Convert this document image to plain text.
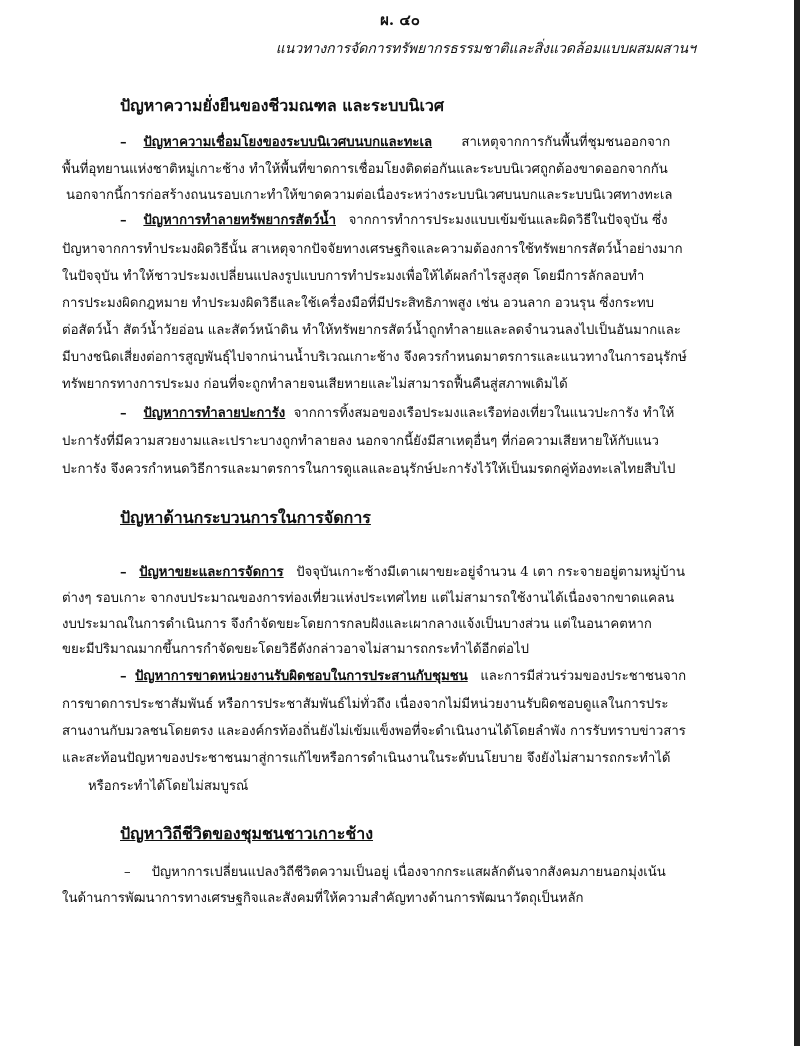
ผ. ๔๐
แนวทางการจัดการทรัพยากรธรรมชาติและสิ่งแวดล้อมแบบผสมผสานฯ
ปัญหาความยั่งยืนของชีวมณฑล และระบบนิเวศ
– ปัญหาความเชื่อมโยงของระบบนิเวศบนบกและทะเล สาเหตุจากการกันพื้นที่ชุมชนออกจาก
พื้นที่อุทยานแห่งชาติหมู่เกาะช้าง ทำให้พื้นที่ขาดการเชื่อมโยงติดต่อกันและระบบนิเวศถูกต้องขาดออกจากกัน
นอกจากนี้การก่อสร้างถนนรอบเกาะทำให้ขาดความต่อเนื่องระหว่างระบบนิเวศบนบกและระบบนิเวศทางทะเล
– ปัญหาการทำลายทรัพยากรสัตว์น้ำ จากการทำการประมงแบบเข้มข้นและผิดวิธีในปัจจุบัน ซึ่ง
ปัญหาจากการทำประมงผิดวิธีนั้น สาเหตุจากปัจจัยทางเศรษฐกิจและความต้องการใช้ทรัพยากรสัตว์น้ำอย่างมาก
ในปัจจุบัน ทำให้ชาวประมงเปลี่ยนแปลงรูปแบบการทำประมงเพื่อให้ได้ผลกำไรสูงสุด โดยมีการลักลอบทำ
การประมงผิดกฎหมาย ทำประมงผิดวิธีและใช้เครื่องมือที่มีประสิทธิภาพสูง เช่น อวนลาก อวนรุน ซึ่งกระทบ
ต่อสัตว์น้ำ สัตว์น้ำวัยอ่อน และสัตว์หน้าดิน ทำให้ทรัพยากรสัตว์น้ำถูกทำลายและลดจำนวนลงไปเป็นอันมากและ
มีบางชนิดเสี่ยงต่อการสูญพันธุ์ไปจากน่านน้ำบริเวณเกาะช้าง จึงควรกำหนดมาตรการและแนวทางในการอนุรักษ์
ทรัพยากรทางการประมง ก่อนที่จะถูกทำลายจนเสียหายและไม่สามารถฟื้นคืนสู่สภาพเดิมได้
– ปัญหาการทำลายปะการัง จากการทิ้งสมอของเรือประมงและเรือท่องเที่ยวในแนวปะการัง ทำให้
ปะการังที่มีความสวยงามและเปราะบางถูกทำลายลง นอกจากนี้ยังมีสาเหตุอื่นๆ ที่ก่อความเสียหายให้กับแนว
ปะการัง จึงควรกำหนดวิธีการและมาตรการในการดูแลและอนุรักษ์ปะการังไว้ให้เป็นมรดกคู่ท้องทะเลไทยสืบไป
ปัญหาด้านกระบวนการในการจัดการ
– ปัญหาขยะและการจัดการ ปัจจุบันเกาะช้างมีเตาเผาขยะอยู่จำนวน 4 เตา กระจายอยู่ตามหมู่บ้าน
ต่างๆ รอบเกาะ จากงบประมาณของการท่องเที่ยวแห่งประเทศไทย แต่ไม่สามารถใช้งานได้เนื่องจากขาดแคลน
งบประมาณในการดำเนินการ จึงกำจัดขยะโดยการกลบฝังและเผากลางแจ้งเป็นบางส่วน แต่ในอนาคตหาก
ขยะมีปริมาณมากขึ้นการกำจัดขยะโดยวิธีดังกล่าวอาจไม่สามารถกระทำได้อีกต่อไป
– ปัญหาการขาดหน่วยงานรับผิดชอบในการประสานกับชุมชน และการมีส่วนร่วมของประชาชนจาก
การขาดการประชาสัมพันธ์ หรือการประชาสัมพันธ์ไม่ทั่วถึง เนื่องจากไม่มีหน่วยงานรับผิดชอบดูแลในการประ
สานงานกับมวลชนโดยตรง และองค์กรท้องถิ่นยังไม่เข้มแข็งพอที่จะดำเนินงานได้โดยลำพัง การรับทราบข่าวสาร
และสะท้อนปัญหาของประชาชนมาสู่การแก้ไขหรือการดำเนินงานในระดับนโยบาย จึงยังไม่สามารถกระทำได้
หรือกระทำได้โดยไม่สมบูรณ์
ปัญหาวิถีชีวิตของชุมชนชาวเกาะช้าง
– ปัญหาการเปลี่ยนแปลงวิถีชีวิตความเป็นอยู่ เนื่องจากกระแสผลักดันจากสังคมภายนอกมุ่งเน้น
ในด้านการพัฒนาการทางเศรษฐกิจและสังคมที่ให้ความสำคัญทางด้านการพัฒนาวัตถุเป็นหลัก
